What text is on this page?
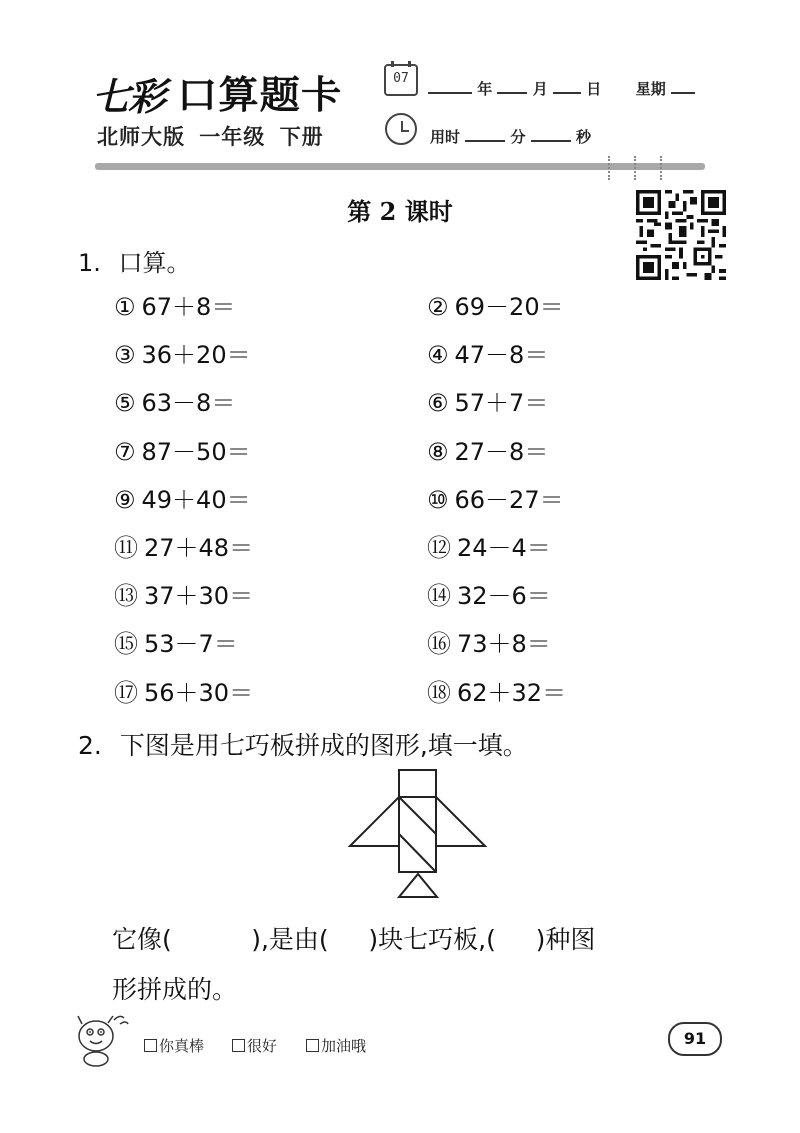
七彩 口算题卡	07
年	月	日 星期
北师大版 一年级 下册	用时	分	秒
第 2 课时
1. 口算。
① 67＋8＝	② 69－20＝
③ 36＋20＝	④ 47－8＝
⑤ 63－8＝	⑥ 57＋7＝
⑦ 87－50＝	⑧ 27－8＝
⑨ 49＋40＝	⑩ 66－27＝
⑪ 27＋48＝	⑫ 24－4＝
⑬ 37＋30＝	⑭ 32－6＝
⑮ 53－7＝	⑯ 73＋8＝
⑰ 56＋30＝	⑱ 62＋32＝
2. 下图是用七巧板拼成的图形,填一填。
它像(          ),是由(     )块七巧板,(     )种图
形拼成的。
你真棒	很好	加油哦	91
